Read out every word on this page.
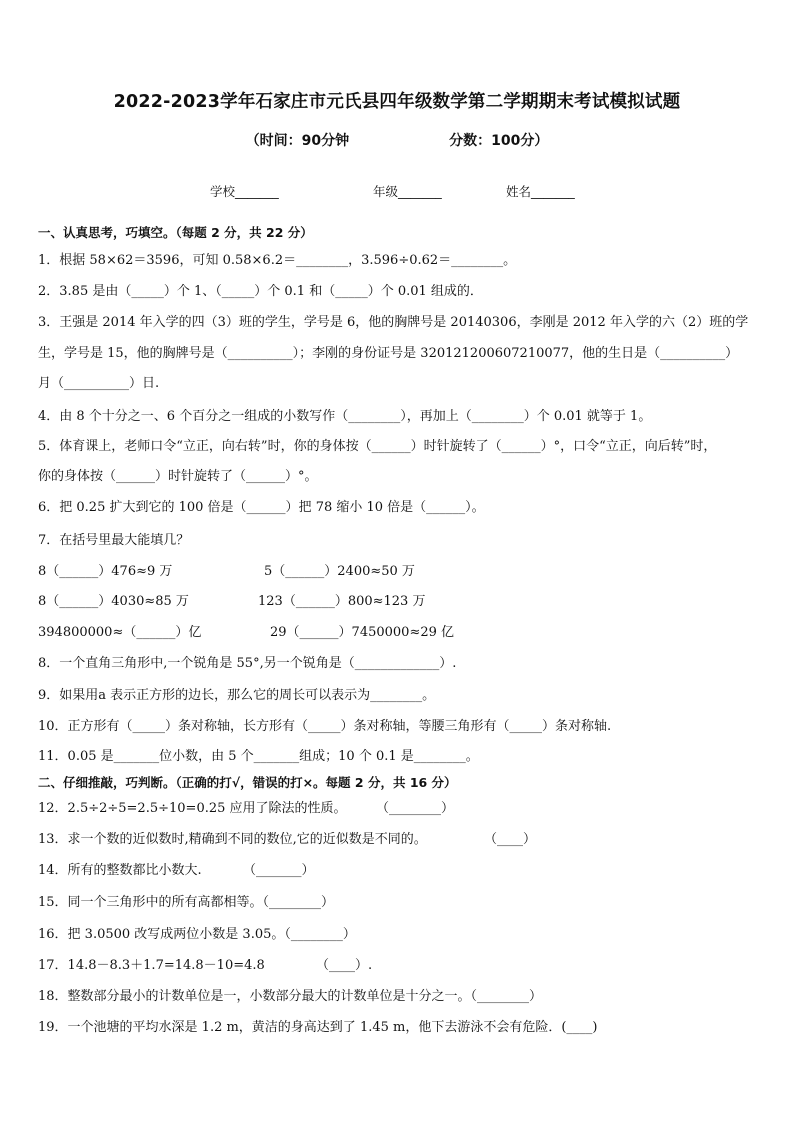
2022-2023学年石家庄市元氏县四年级数学第二学期期末考试模拟试题
（时间：90分钟	分数：100分）
学校_______	年级_______	姓名_______
一、认真思考，巧填空。（每题 2 分，共 22 分）
1．根据 58×62＝3596，可知 0.58×6.2＝________，3.596÷0.62＝________。
2．3.85 是由（_____）个 1、（_____）个 0.1 和（_____）个 0.01 组成的．
3．王强是 2014 年入学的四（3）班的学生，学号是 6，他的胸牌号是 20140306，李刚是 2012 年入学的六（2）班的学
生，学号是 15，他的胸牌号是（__________）；李刚的身份证号是 320121200607210077，他的生日是（__________）
月（__________）日.
4．由 8 个十分之一、6 个百分之一组成的小数写作（________），再加上（________）个 0.01 就等于 1。
5．体育课上，老师口令“立正，向右转”时，你的身体按（______）时针旋转了（______）°，口令“立正，向后转”时，
你的身体按（______）时针旋转了（______）°。
6．把 0.25 扩大到它的 100 倍是（______）把 78 缩小 10 倍是（______）。
7．在括号里最大能填几？
8（______）476≈9 万	5（______）2400≈50 万
8（______）4030≈85 万	123（______）800≈123 万
394800000≈（______）亿	29（______）7450000≈29 亿
8．一个直角三角形中,一个锐角是 55°,另一个锐角是（_____________）.
9．如果用a 表示正方形的边长，那么它的周长可以表示为________。
10．正方形有（_____）条对称轴，长方形有（_____）条对称轴，等腰三角形有（_____）条对称轴.
11．0.05 是_______位小数，由 5 个_______组成；10 个 0.1 是________。
二、仔细推敲，巧判断。（正确的打√，错误的打×。每题 2 分，共 16 分）
12．2.5÷2÷5=2.5÷10=0.25 应用了除法的性质。 （________）
13．求一个数的近似数时,精确到不同的数位,它的近似数是不同的。	（____）
14．所有的整数都比小数大.	（_______）
15．同一个三角形中的所有高都相等。（________）
16．把 3.0500 改写成两位小数是 3.05。（________）
17．14.8－8.3＋1.7=14.8－10=4.8	（____）.
18．整数部分最小的计数单位是一，小数部分最大的计数单位是十分之一。（________）
19．一个池塘的平均水深是 1.2 m，黄洁的身高达到了 1.45 m，他下去游泳不会有危险．(____)
